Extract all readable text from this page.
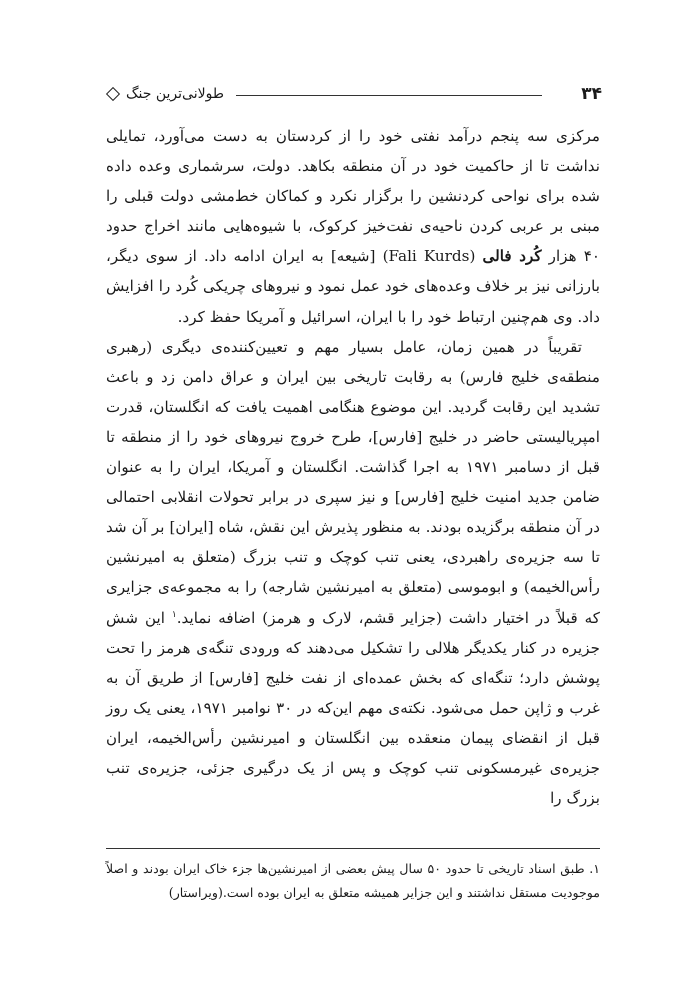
۳۴
طولانی‌ترین جنگ

مرکزی سه پنجم درآمد نفتی خود را از کردستان به دست می‌آورد، تمایلی نداشت تا از حاکمیت خود در آن منطقه بکاهد. دولت، سرشماری وعده داده شده برای نواحی کردنشین را برگزار نکرد و کماکان خط‌مشی دولت قبلی را مبنی بر عربی کردن ناحیه‌ی نفت‌خیز کرکوک، با شیوه‌هایی مانند اخراج حدود ۴۰ هزار کُرد فالی (Fali Kurds) [شیعه] به ایران ادامه داد. از سوی دیگر، بارزانی نیز بر خلاف وعده‌های خود عمل نمود و نیروهای چریکی کُرد را افزایش داد. وی هم‌چنین ارتباط خود را با ایران، اسرائیل و آمریکا حفظ کرد.

تقریباً در همین زمان، عامل بسیار مهم و تعیین‌کننده‌ی دیگری (رهبری منطقه‌ی خلیج فارس) به رقابت تاریخی بین ایران و عراق دامن زد و باعث تشدید این رقابت گردید. این موضوع هنگامی اهمیت یافت که انگلستان، قدرت امپریالیستی حاضر در خلیج [فارس]، طرح خروج نیروهای خود را از منطقه تا قبل از دسامبر ۱۹۷۱ به اجرا گذاشت. انگلستان و آمریکا، ایران را به عنوان ضامن جدید امنیت خلیج [فارس] و نیز سپری در برابر تحولات انقلابی احتمالی در آن منطقه برگزیده بودند. به منظور پذیرش این نقش، شاه [ایران] بر آن شد تا سه جزیره‌ی راهبردی، یعنی تنب کوچک و تنب بزرگ (متعلق به امیرنشین رأس‌الخیمه) و ابوموسی (متعلق به امیرنشین شارجه) را به مجموعه‌ی جزایری که قبلاً در اختیار داشت (جزایر قشم، لارک و هرمز) اضافه نماید.$^۱$ این شش جزیره در کنار یکدیگر هلالی را تشکیل می‌دهند که ورودی تنگه‌ی هرمز را تحت پوشش دارد؛ تنگه‌ای که بخش عمده‌ای از نفت خلیج [فارس] از طریق آن به غرب و ژاپن حمل می‌شود. نکته‌ی مهم این‌که در ۳۰ نوامبر ۱۹۷۱، یعنی یک روز قبل از انقضای پیمان منعقده بین انگلستان و امیرنشین رأس‌الخیمه، ایران جزیره‌ی غیرمسکونی تنب کوچک و پس از یک درگیری جزئی، جزیره‌ی تنب بزرگ را

۱. طبق اسناد تاریخی تا حدود ۵۰ سال پیش بعضی از امیرنشین‌ها جزء خاک ایران بودند و اصلاً موجودیت مستقل نداشتند و این جزایر همیشه متعلق به ایران بوده است.(ویراستار)
